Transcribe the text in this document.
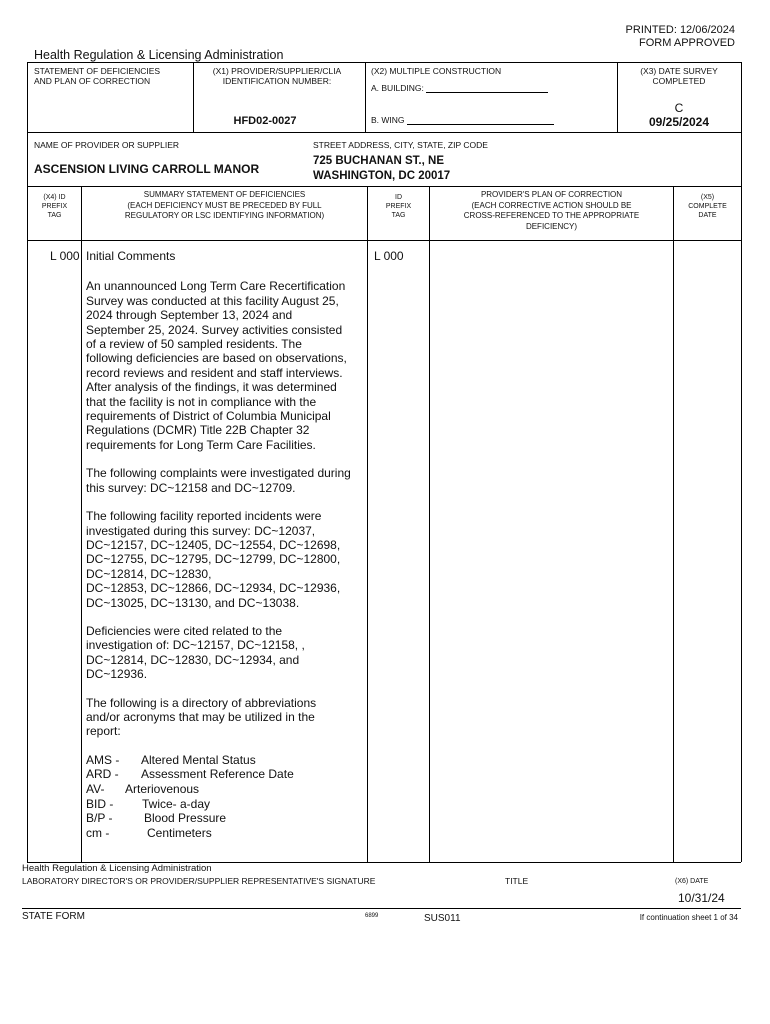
PRINTED: 12/06/2024
FORM APPROVED
Health Regulation & Licensing Administration
STATEMENT OF DEFICIENCIES
AND PLAN OF CORRECTION
(X1) PROVIDER/SUPPLIER/CLIA
IDENTIFICATION NUMBER:
HFD02-0027
(X2) MULTIPLE CONSTRUCTION
A. BUILDING:
B. WING
(X3) DATE SURVEY
COMPLETED
C
09/25/2024
NAME OF PROVIDER OR SUPPLIER
ASCENSION LIVING CARROLL MANOR
STREET ADDRESS, CITY, STATE, ZIP CODE
725 BUCHANAN ST., NE
WASHINGTON, DC 20017
(X4) ID
PREFIX
TAG
SUMMARY STATEMENT OF DEFICIENCIES
(EACH DEFICIENCY MUST BE PRECEDED BY FULL
REGULATORY OR LSC IDENTIFYING INFORMATION)
ID
PREFIX
TAG
PROVIDER'S PLAN OF CORRECTION
(EACH CORRECTIVE ACTION SHOULD BE
CROSS-REFERENCED TO THE APPROPRIATE
DEFICIENCY)
(X5)
COMPLETE
DATE
L 000	L 000
Initial Comments
An unannounced Long Term Care Recertification
Survey was conducted at this facility August 25,
2024 through September 13, 2024 and
September 25, 2024. Survey activities consisted
of a review of 50 sampled residents. The
following deficiencies are based on observations,
record reviews and resident and staff interviews.
After analysis of the findings, it was determined
that the facility is not in compliance with the
requirements of District of Columbia Municipal
Regulations (DCMR) Title 22B Chapter 32
requirements for Long Term Care Facilities.
The following complaints were investigated during
this survey: DC~12158 and DC~12709.
The following facility reported incidents were
investigated during this survey: DC~12037,
DC~12157, DC~12405, DC~12554, DC~12698,
DC~12755, DC~12795, DC~12799, DC~12800,
DC~12814, DC~12830,
DC~12853, DC~12866, DC~12934, DC~12936,
DC~13025, DC~13130, and DC~13038.
Deficiencies were cited related to the
investigation of: DC~12157, DC~12158, ,
DC~12814, DC~12830, DC~12934, and
DC~12936.
The following is a directory of abbreviations
and/or acronyms that may be utilized in the
report:
AMS - Altered Mental Status
ARD - Assessment Reference Date
AV- Arteriovenous
BID - Twice- a-day
B/P -	Blood Pressure
cm -	Centimeters
Health Regulation & Licensing Administration
LABORATORY DIRECTOR'S OR PROVIDER/SUPPLIER REPRESENTATIVE'S SIGNATURE	TITLE	(X6) DATE
10/31/24
STATE FORM	6899	SUS011	If continuation sheet 1 of 34
